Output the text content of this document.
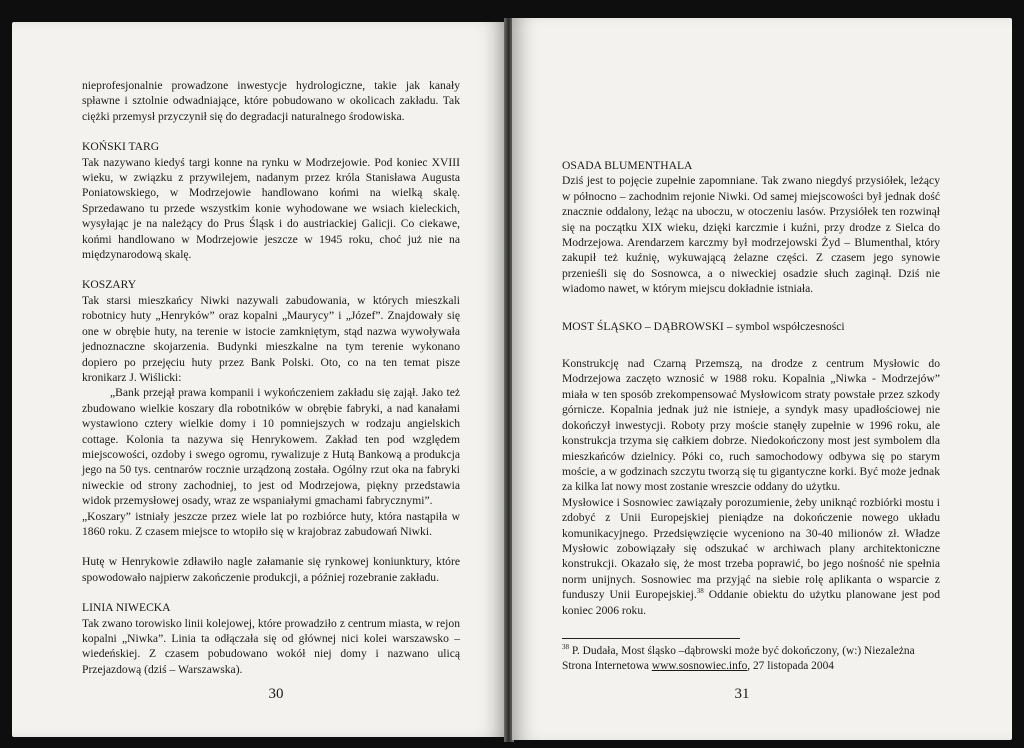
nieprofesjonalnie prowadzone inwestycje hydrologiczne, takie jak kanały spławne i sztolnie odwadniające, które pobudowano w okolicach zakładu. Tak ciężki przemysł przyczynił się do degradacji naturalnego środowiska.

KOŃSKI TARG

Tak nazywano kiedyś targi konne na rynku w Modrzejowie. Pod koniec XVIII wieku, w związku z przywilejem, nadanym przez króla Stanisława Augusta Poniatowskiego, w Modrzejowie handlowano końmi na wielką skalę. Sprzedawano tu przede wszystkim konie wyhodowane we wsiach kieleckich, wysyłając je na należący do Prus Śląsk i do austriackiej Galicji. Co ciekawe, końmi handlowano w Modrzejowie jeszcze w 1945 roku, choć już nie na międzynarodową skalę.

KOSZARY

Tak starsi mieszkańcy Niwki nazywali zabudowania, w których mieszkali robotnicy huty „Henryków” oraz kopalni „Maurycy” i „Józef”. Znajdowały się one w obrębie huty, na terenie w istocie zamkniętym, stąd nazwa wywoływała jednoznaczne skojarzenia. Budynki mieszkalne na tym terenie wykonano dopiero po przejęciu huty przez Bank Polski. Oto, co na ten temat pisze kronikarz J. Wiślicki:

„Bank przejął prawa kompanii i wykończeniem zakładu się zajął. Jako też zbudowano wielkie koszary dla robotników w obrębie fabryki, a nad kanałami wystawiono cztery wielkie domy i 10 pomniejszych w rodzaju angielskich cottage. Kolonia ta nazywa się Henrykowem. Zakład ten pod względem miejscowości, ozdoby i swego ogromu, rywalizuje z Hutą Bankową a produkcja jego na 50 tys. centnarów rocznie urządzoną została. Ogólny rzut oka na fabryki niweckie od strony zachodniej, to jest od Modrzejowa, piękny przedstawia widok przemysłowej osady, wraz ze wspaniałymi gmachami fabrycznymi”.

„Koszary” istniały jeszcze przez wiele lat po rozbiórce huty, która nastąpiła w 1860 roku. Z czasem miejsce to wtopiło się w krajobraz zabudowań Niwki.

Hutę w Henrykowie zdławiło nagle załamanie się rynkowej koniunktury, które spowodowało najpierw zakończenie produkcji, a później rozebranie zakładu.

LINIA NIWECKA

Tak zwano torowisko linii kolejowej, które prowadziło z centrum miasta, w rejon kopalni „Niwka”. Linia ta odłączała się od głównej nici kolei warszawsko – wiedeńskiej. Z czasem pobudowano wokół niej domy i nazwano ulicą Przejazdową (dziś – Warszawska).

30

OSADA BLUMENTHALA

Dziś jest to pojęcie zupełnie zapomniane. Tak zwano niegdyś przysiółek, leżący w północno – zachodnim rejonie Niwki. Od samej miejscowości był jednak dość znacznie oddalony, leżąc na uboczu, w otoczeniu lasów. Przysiółek ten rozwinął się na początku XIX wieku, dzięki karczmie i kuźni, przy drodze z Sielca do Modrzejowa. Arendarzem karczmy był modrzejowski Żyd – Blumenthal, który zakupił też kuźnię, wykuwającą żelazne części. Z czasem jego synowie przenieśli się do Sosnowca, a o niweckiej osadzie słuch zaginął. Dziś nie wiadomo nawet, w którym miejscu dokładnie istniała.

MOST ŚLĄSKO – DĄBROWSKI – symbol współczesności

Konstrukcję nad Czarną Przemszą, na drodze z centrum Mysłowic do Modrzejowa zaczęto wznosić w 1988 roku. Kopalnia „Niwka - Modrzejów” miała w ten sposób zrekompensować Mysłowicom straty powstałe przez szkody górnicze. Kopalnia jednak już nie istnieje, a syndyk masy upadłościowej nie dokończył inwestycji. Roboty przy moście stanęły zupełnie w 1996 roku, ale konstrukcja trzyma się całkiem dobrze. Niedokończony most jest symbolem dla mieszkańców dzielnicy. Póki co, ruch samochodowy odbywa się po starym moście, a w godzinach szczytu tworzą się tu gigantyczne korki. Być może jednak za kilka lat nowy most zostanie wreszcie oddany do użytku.

Mysłowice i Sosnowiec zawiązały porozumienie, żeby uniknąć rozbiórki mostu i zdobyć z Unii Europejskiej pieniądze na dokończenie nowego układu komunikacyjnego. Przedsięwzięcie wyceniono na 30-40 milionów zł. Władze Mysłowic zobowiązały się odszukać w archiwach plany architektoniczne konstrukcji. Okazało się, że most trzeba poprawić, bo jego nośność nie spełnia norm unijnych. Sosnowiec ma przyjąć na siebie rolę aplikanta o wsparcie z funduszy Unii Europejskiej.$^{38}$ Oddanie obiektu do użytku planowane jest pod koniec 2006 roku.

$^{38}$ P. Dudała, Most śląsko –dąbrowski może być dokończony, (w:) Niezależna Strona Internetowa www.sosnowiec.info, 27 listopada 2004
31
